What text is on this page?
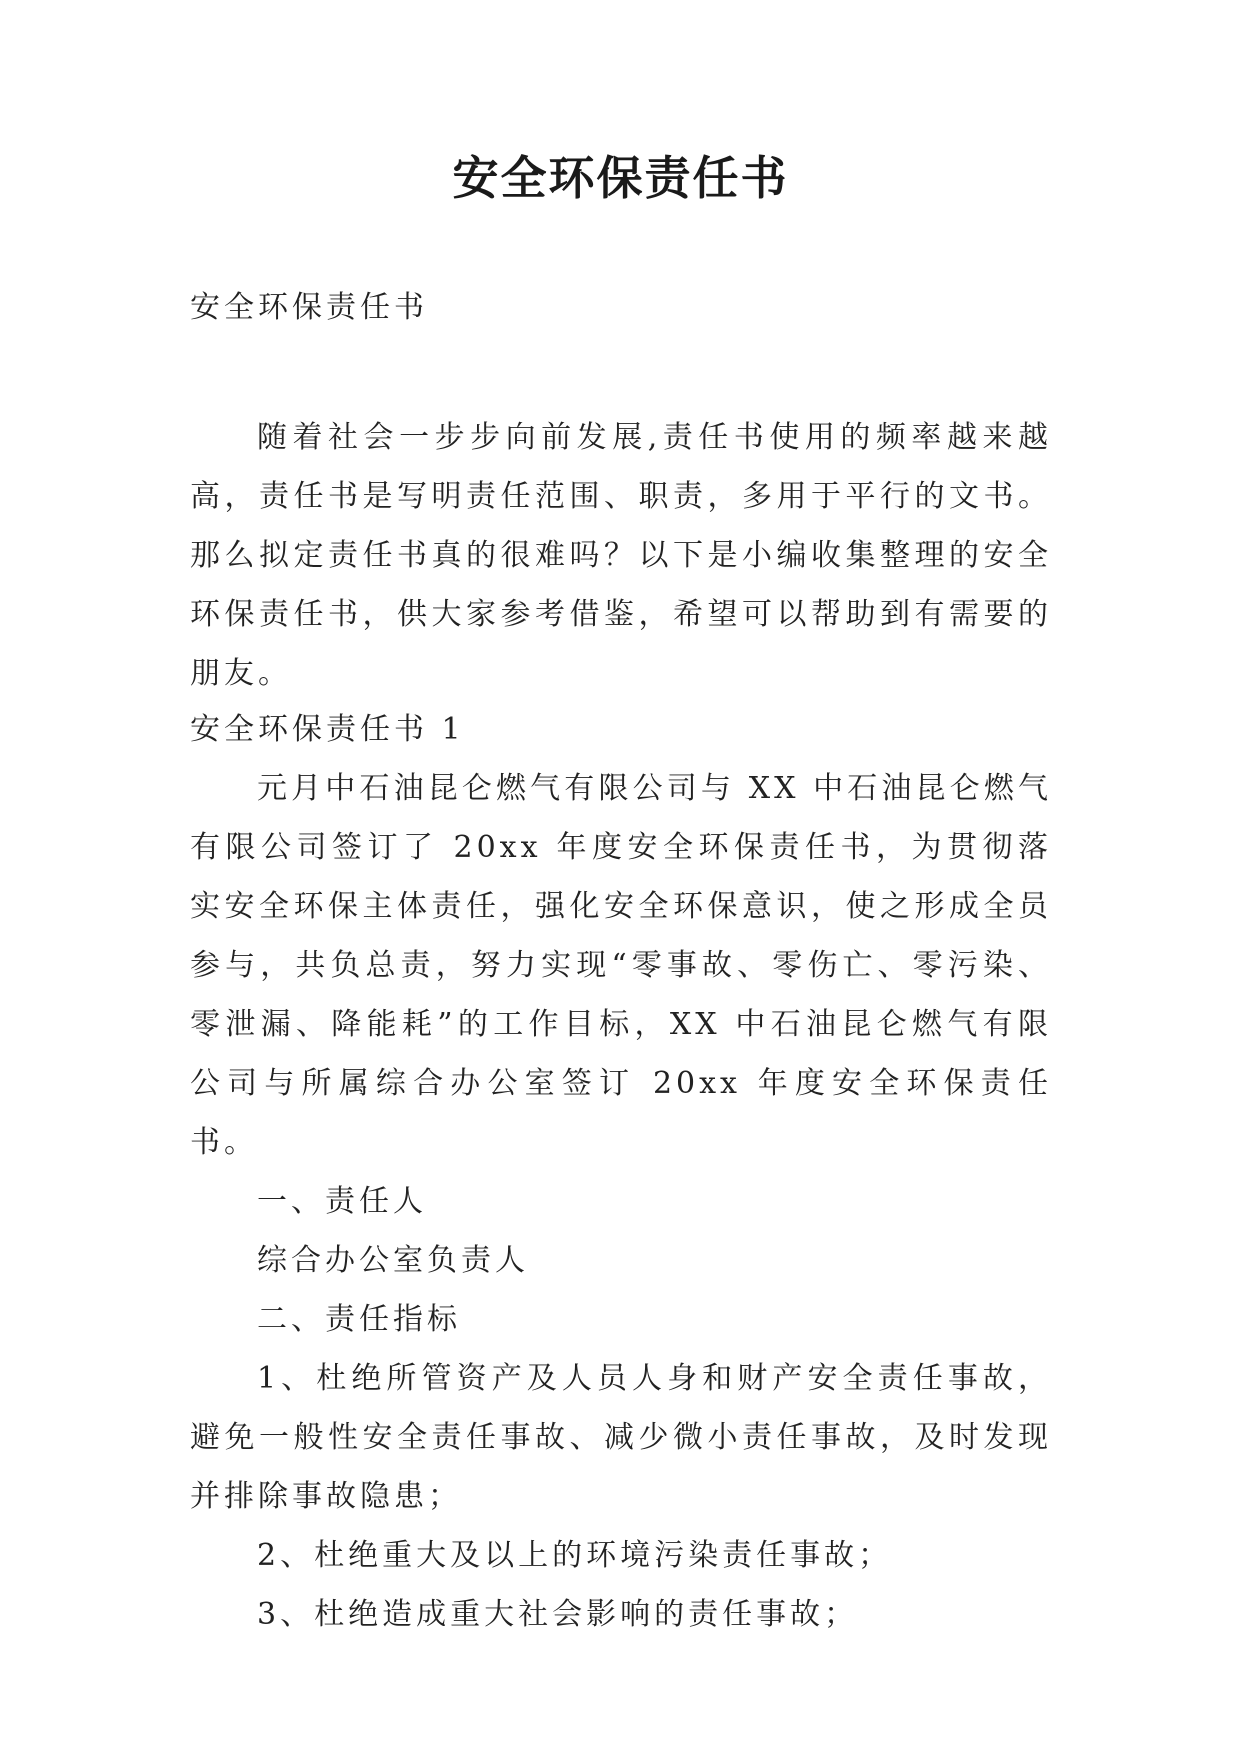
安全环保责任书

安全环保责任书

随着社会一步步向前发展,责任书使用的频率越来越高，责任书是写明责任范围、职责，多用于平行的文书。那么拟定责任书真的很难吗？以下是小编收集整理的安全环保责任书，供大家参考借鉴，希望可以帮助到有需要的朋友。

安全环保责任书 1

元月中石油昆仑燃气有限公司与 XX 中石油昆仑燃气有限公司签订了 20xx 年度安全环保责任书，为贯彻落实安全环保主体责任，强化安全环保意识，使之形成全员参与，共负总责，努力实现“零事故、零伤亡、零污染、零泄漏、降能耗”的工作目标，XX 中石油昆仑燃气有限公司与所属综合办公室签订 20xx 年度安全环保责任书。

一、责任人

综合办公室负责人

二、责任指标

1、杜绝所管资产及人员人身和财产安全责任事故，避免一般性安全责任事故、减少微小责任事故，及时发现并排除事故隐患；

2、杜绝重大及以上的环境污染责任事故；

3、杜绝造成重大社会影响的责任事故；
